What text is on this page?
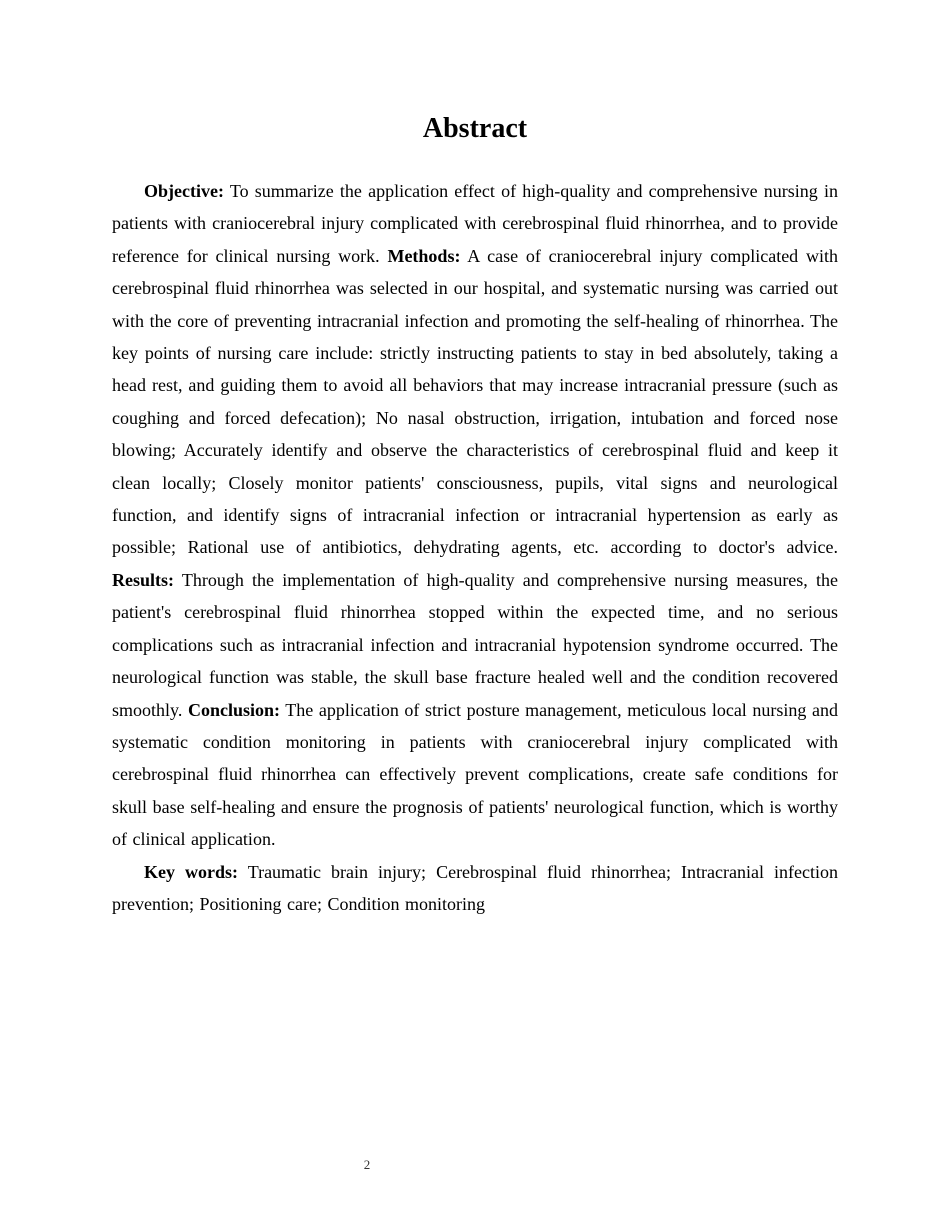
Abstract

Objective: To summarize the application effect of high-quality and comprehensive nursing in patients with craniocerebral injury complicated with cerebrospinal fluid rhinorrhea, and to provide reference for clinical nursing work. Methods: A case of craniocerebral injury complicated with cerebrospinal fluid rhinorrhea was selected in our hospital, and systematic nursing was carried out with the core of preventing intracranial infection and promoting the self-healing of rhinorrhea. The key points of nursing care include: strictly instructing patients to stay in bed absolutely, taking a head rest, and guiding them to avoid all behaviors that may increase intracranial pressure (such as coughing and forced defecation); No nasal obstruction, irrigation, intubation and forced nose blowing; Accurately identify and observe the characteristics of cerebrospinal fluid and keep it clean locally; Closely monitor patients' consciousness, pupils, vital signs and neurological function, and identify signs of intracranial infection or intracranial hypertension as early as possible; Rational use of antibiotics, dehydrating agents, etc. according to doctor's advice. Results: Through the implementation of high-quality and comprehensive nursing measures, the patient's cerebrospinal fluid rhinorrhea stopped within the expected time, and no serious complications such as intracranial infection and intracranial hypotension syndrome occurred. The neurological function was stable, the skull base fracture healed well and the condition recovered smoothly. Conclusion: The application of strict posture management, meticulous local nursing and systematic condition monitoring in patients with craniocerebral injury complicated with cerebrospinal fluid rhinorrhea can effectively prevent complications, create safe conditions for skull base self-healing and ensure the prognosis of patients' neurological function, which is worthy of clinical application.

Key words: Traumatic brain injury; Cerebrospinal fluid rhinorrhea; Intracranial infection prevention; Positioning care; Condition monitoring

2
